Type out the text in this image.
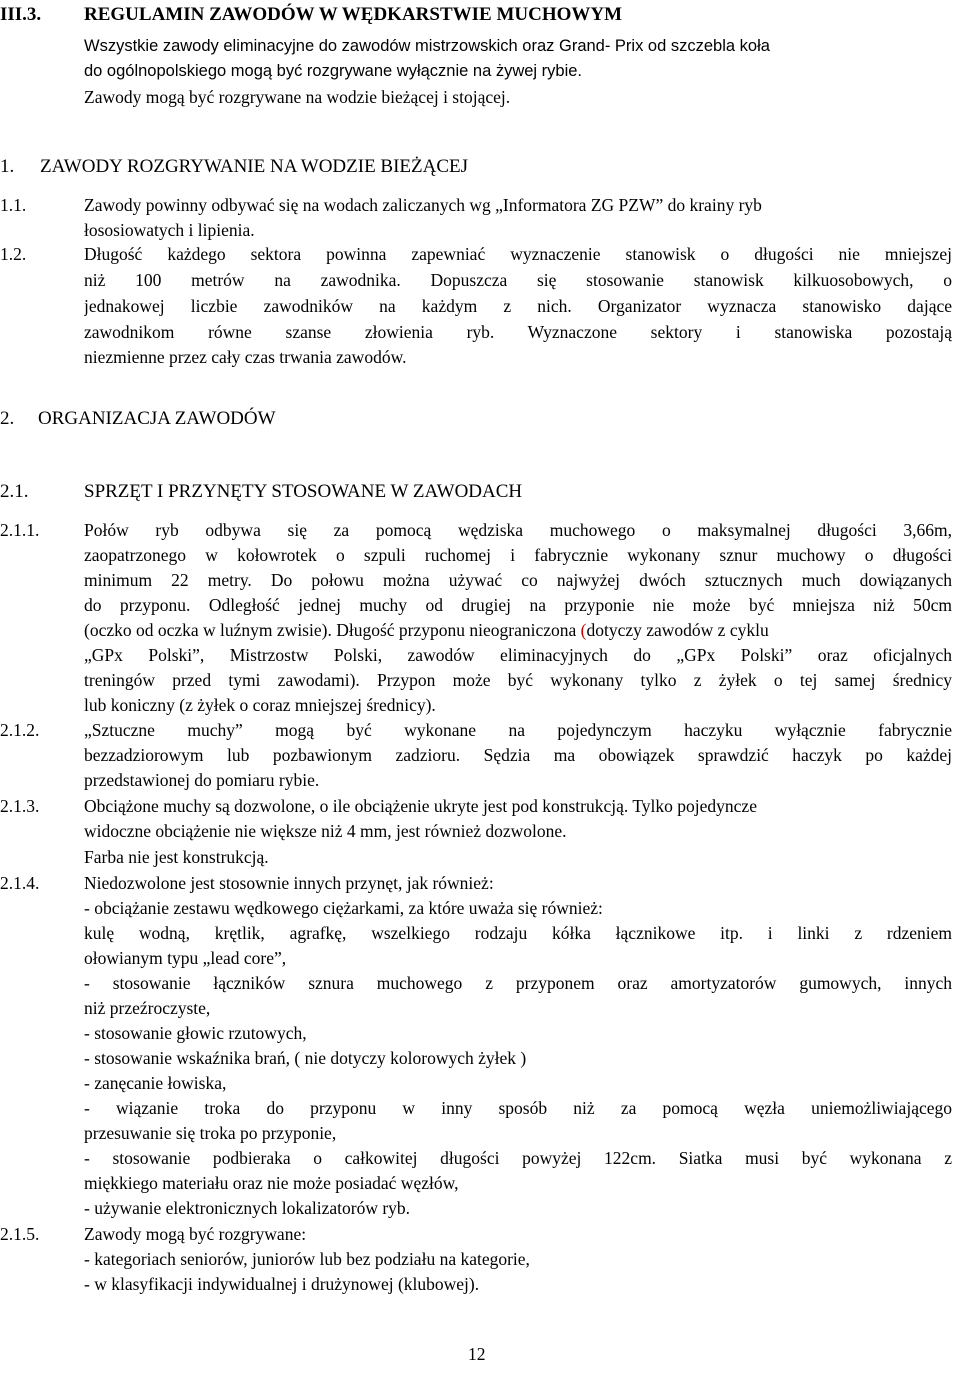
III.3. REGULAMIN ZAWODÓW W WĘDKARSTWIE MUCHOWYM
Wszystkie zawody eliminacyjne do zawodów mistrzowskich oraz Grand- Prix od szczebla koła
do ogólnopolskiego mogą być rozgrywane wyłącznie na żywej rybie.
Zawody mogą być rozgrywane na wodzie bieżącej i stojącej.
1. ZAWODY ROZGRYWANIE NA WODZIE BIEŻĄCEJ
1.1.	Zawody powinny odbywać się na wodach zaliczanych wg „Informatora ZG PZW” do krainy ryb
łososiowatych i lipienia.
1.2.	Długość każdego sektora powinna zapewniać wyznaczenie stanowisk o długości nie mniejszej
niż 100 metrów na zawodnika. Dopuszcza się stosowanie stanowisk kilkuosobowych, o
jednakowej liczbie zawodników na każdym z nich. Organizator wyznacza stanowisko dające
zawodnikom równe szanse złowienia ryb. Wyznaczone sektory i stanowiska pozostają
niezmienne przez cały czas trwania zawodów.
2. ORGANIZACJA ZAWODÓW
2.1.	SPRZĘT I PRZYNĘTY STOSOWANE W ZAWODACH
2.1.1.	Połów ryb odbywa się za pomocą wędziska muchowego o maksymalnej długości 3,66m,
zaopatrzonego w kołowrotek o szpuli ruchomej i fabrycznie wykonany sznur muchowy o długości
minimum 22 metry. Do połowu można używać co najwyżej dwóch sztucznych much dowiązanych
do przyponu. Odległość jednej muchy od drugiej na przyponie nie może być mniejsza niż 50cm
(oczko od oczka w luźnym zwisie). Długość przyponu nieograniczona (dotyczy zawodów z cyklu
„GPx Polski”, Mistrzostw Polski, zawodów eliminacyjnych do „GPx Polski” oraz oficjalnych
treningów przed tymi zawodami). Przypon może być wykonany tylko z żyłek o tej samej średnicy
lub koniczny (z żyłek o coraz mniejszej średnicy).
2.1.2.	„Sztuczne muchy” mogą być wykonane na pojedynczym haczyku wyłącznie fabrycznie
bezzadziorowym lub pozbawionym zadzioru. Sędzia ma obowiązek sprawdzić haczyk po każdej
przedstawionej do pomiaru rybie.
2.1.3.	Obciążone muchy są dozwolone, o ile obciążenie ukryte jest pod konstrukcją. Tylko pojedyncze
widoczne obciążenie nie większe niż 4 mm, jest również dozwolone.
Farba nie jest konstrukcją.
2.1.4.	Niedozwolone jest stosownie innych przynęt, jak również:
- obciążanie zestawu wędkowego ciężarkami, za które uważa się również:
kulę wodną, krętlik, agrafkę, wszelkiego rodzaju kółka łącznikowe itp. i linki z rdzeniem
ołowianym typu „lead core”,
- stosowanie łączników sznura muchowego z przyponem oraz amortyzatorów gumowych, innych
niż przeźroczyste,
- stosowanie głowic rzutowych,
- stosowanie wskaźnika brań, ( nie dotyczy kolorowych żyłek )
- zanęcanie łowiska,
- wiązanie troka do przyponu w inny sposób niż za pomocą węzła uniemożliwiającego
przesuwanie się troka po przyponie,
- stosowanie podbieraka o całkowitej długości powyżej 122cm. Siatka musi być wykonana z
miękkiego materiału oraz nie może posiadać węzłów,
- używanie elektronicznych lokalizatorów ryb.
2.1.5.	Zawody mogą być rozgrywane:
- kategoriach seniorów, juniorów lub bez podziału na kategorie,
- w klasyfikacji indywidualnej i drużynowej (klubowej).
12
